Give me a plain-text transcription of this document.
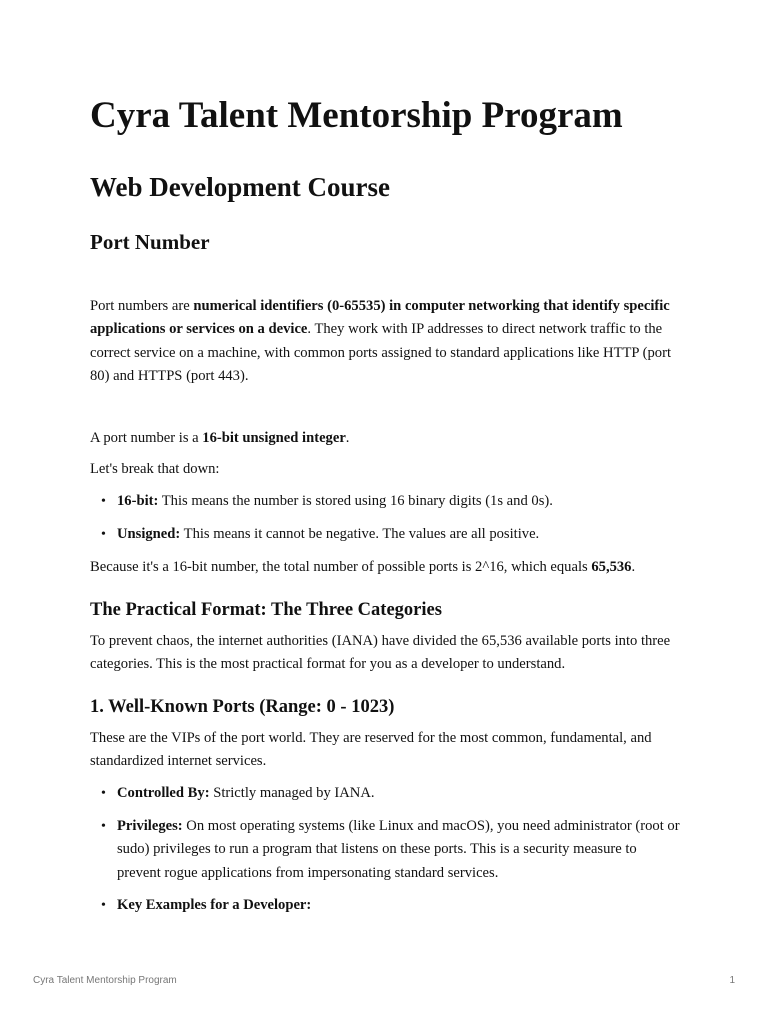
Cyra Talent Mentorship Program
Web Development Course
Port Number

Port numbers are numerical identifiers (0-65535) in computer networking that identify specific applications or services on a device. They work with IP addresses to direct network traffic to the correct service on a machine, with common ports assigned to standard applications like HTTP (port 80) and HTTPS (port 443).

A port number is a 16-bit unsigned integer.

Let's break that down:

• 16-bit: This means the number is stored using 16 binary digits (1s and 0s).
• Unsigned: This means it cannot be negative. The values are all positive.

Because it's a 16-bit number, the total number of possible ports is 2^16, which equals 65,536.

The Practical Format: The Three Categories

To prevent chaos, the internet authorities (IANA) have divided the 65,536 available ports into three categories. This is the most practical format for you as a developer to understand.

1. Well-Known Ports (Range: 0 - 1023)

These are the VIPs of the port world. They are reserved for the most common, fundamental, and standardized internet services.

• Controlled By: Strictly managed by IANA.
• Privileges: On most operating systems (like Linux and macOS), you need administrator (root or sudo) privileges to run a program that listens on these ports. This is a security measure to prevent rogue applications from impersonating standard services.
• Key Examples for a Developer:
Cyra Talent Mentorship Program	1
